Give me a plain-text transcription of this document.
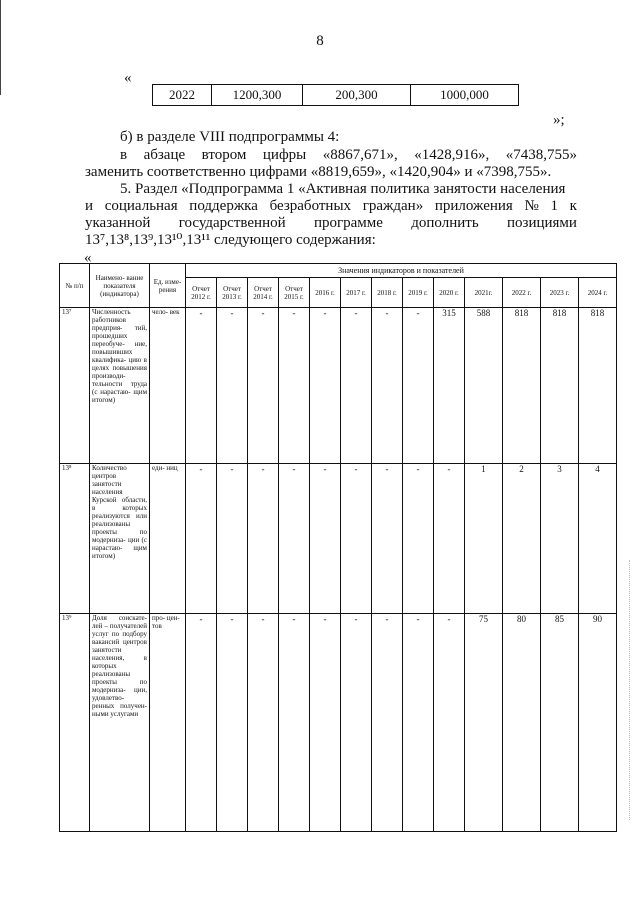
8
«
2022	1200,300	200,300	1000,000
»;
б) в разделе VIII подпрограммы 4:
в абзаце втором цифры «8867,671», «1428,916», «7438,755»
заменить соответственно цифрами «8819,659», «1420,904» и «7398,755».
5. Раздел «Подпрограмма 1 «Активная политика занятости населения
и социальная поддержка безработных граждан» приложения № 1 к
указанной государственной программе дополнить позициями
13⁷,13⁸,13⁹,13¹⁰,13¹¹ следующего содержания:
«
№ п/п	Наимено- вание показателя (индикатора)	Ед. изме- рения	Значения индикаторов и показателей												
			Отчет 2012 г.	Отчет 2013 г.	Отчет 2014 г.	Отчет 2015 г.	2016 г.	2017 г.	2018 г.	2019 г.	2020 г.	2021г.	2022 г.	2023 г.	2024 г.
13⁷	Численность работников предприя- тий, прошедших переобуче- ние, повышивших квалифика- цию в целях повышения производи- тельности труда (с нарастаю- щим итогом)	чело- век	-	-	-	-	-	-	-	-	315	588	818	818	818
13⁸	Количество центров занятости населения Курской области, в которых реализуются или реализованы проекты по модерниза- ции (с нарастаю- щим итогом)	еди- ниц	-	-	-	-	-	-	-	-	-	1	2	3	4
13⁹	Доля соискате- лей – получателей услуг по подбору вакансий центров занятости населения, в которых реализованы проекты по модерниза- ции, удовлетво- ренных получен- ными услугами	про- цен- тов	-	-	-	-	-	-	-	-	-	75	80	85	90
